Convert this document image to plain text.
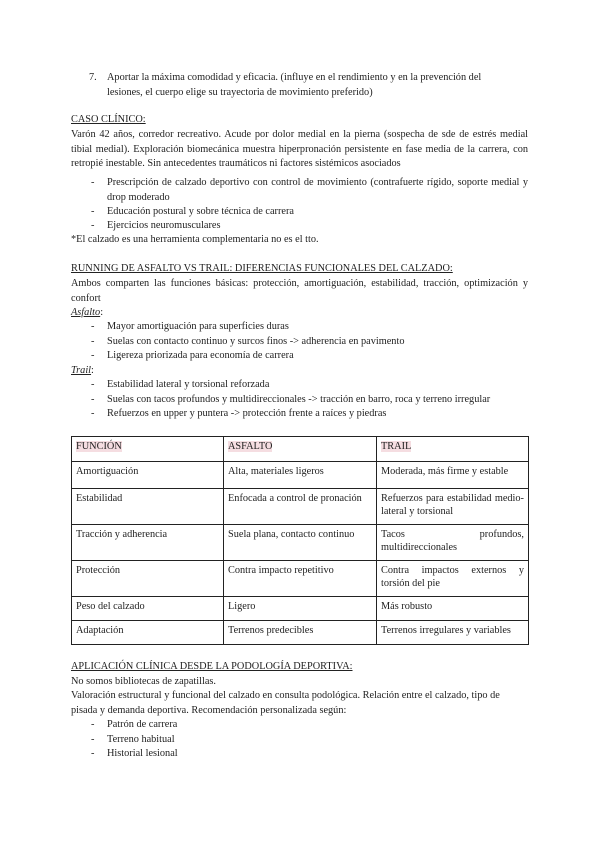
7. Aportar la máxima comodidad y eficacia. (influye en el rendimiento y en la prevención del
lesiones, el cuerpo elige su trayectoria de movimiento preferido)
CASO CLÍNICO:
Varón 42 años, corredor recreativo. Acude por dolor medial en la pierna (sospecha de sde de estrés medial tibial medial). Exploración biomecánica muestra hiperpronación persistente en fase media de la carrera, con retropié inestable. Sin antecedentes traumáticos ni factores sistémicos asociados
- Prescripción de calzado deportivo con control de movimiento (contrafuerte rígido, soporte medial y drop moderado
- Educación postural y sobre técnica de carrera
- Ejercicios neuromusculares
*El calzado es una herramienta complementaria no es el tto.
RUNNING DE ASFALTO VS TRAIL: DIFERENCIAS FUNCIONALES DEL CALZADO:
Ambos comparten las funciones básicas: protección, amortiguación, estabilidad, tracción, optimización y confort
Asfalto:
- Mayor amortiguación para superficies duras
- Suelas con contacto continuo y surcos finos -> adherencia en pavimento
- Ligereza priorizada para economía de carrera
Trail:
- Estabilidad lateral y torsional reforzada
- Suelas con tacos profundos y multidireccionales -> tracción en barro, roca y terreno irregular
- Refuerzos en upper y puntera -> protección frente a raíces y piedras
FUNCIÓN	ASFALTO	TRAIL
Amortiguación	Alta, materiales ligeros	Moderada, más firme y estable
Estabilidad	Enfocada a control de pronación	Refuerzos para estabilidad medio-lateral y torsional
Tracción y adherencia	Suela plana, contacto continuo	Tacos profundos, multidireccionales
Protección	Contra impacto repetitivo	Contra impactos externos y torsión del pie
Peso del calzado	Ligero	Más robusto
Adaptación	Terrenos predecibles	Terrenos irregulares y variables
APLICACIÓN CLÍNICA DESDE LA PODOLOGÍA DEPORTIVA:
No somos bibliotecas de zapatillas.
Valoración estructural y funcional del calzado en consulta podológica. Relación entre el calzado, tipo de pisada y demanda deportiva. Recomendación personalizada según:
- Patrón de carrera
- Terreno habitual
- Historial lesional
